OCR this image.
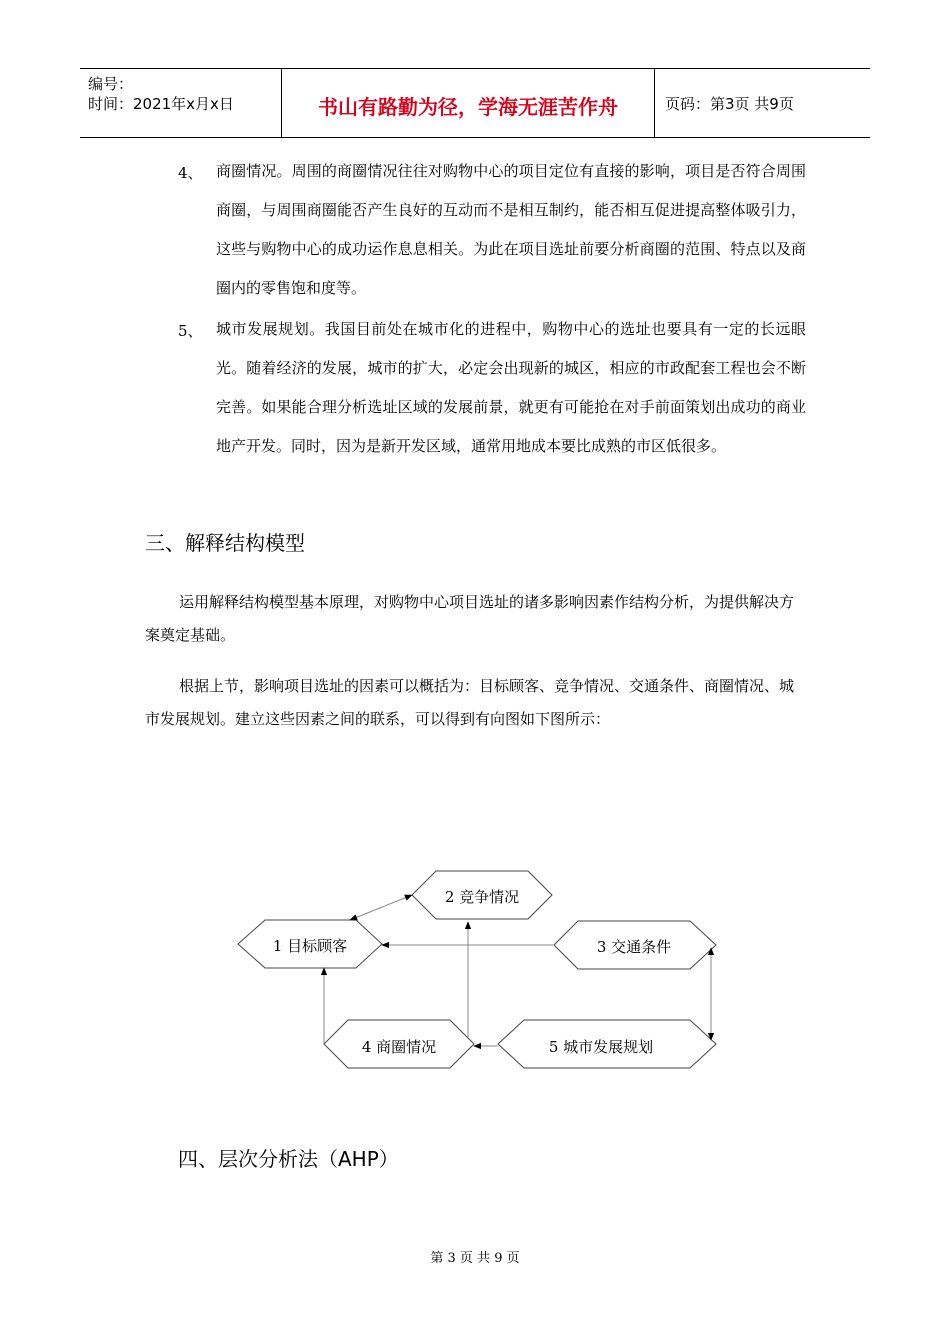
编号：
时间：2021年x月x日	书山有路勤为径，学海无涯苦作舟	页码：第3页 共9页
4、 商圈情况。周围的商圈情况往往对购物中心的项目定位有直接的影响，项目是否符合周围商圈，与周围商圈能否产生良好的互动而不是相互制约，能否相互促进提高整体吸引力，这些与购物中心的成功运作息息相关。为此在项目选址前要分析商圈的范围、特点以及商圈内的零售饱和度等。
5、 城市发展规划。我国目前处在城市化的进程中，购物中心的选址也要具有一定的长远眼光。随着经济的发展，城市的扩大，必定会出现新的城区，相应的市政配套工程也会不断完善。如果能合理分析选址区域的发展前景，就更有可能抢在对手前面策划出成功的商业地产开发。同时，因为是新开发区域，通常用地成本要比成熟的市区低很多。
三、解释结构模型
运用解释结构模型基本原理，对购物中心项目选址的诸多影响因素作结构分析，为提供解决方案奠定基础。
根据上节，影响项目选址的因素可以概括为：目标顾客、竞争情况、交通条件、商圈情况、城市发展规划。建立这些因素之间的联系，可以得到有向图如下图所示：
1 目标顾客
2 竞争情况
3 交通条件
4 商圈情况	5 城市发展规划
四、层次分析法（AHP）
第 3 页 共 9 页
